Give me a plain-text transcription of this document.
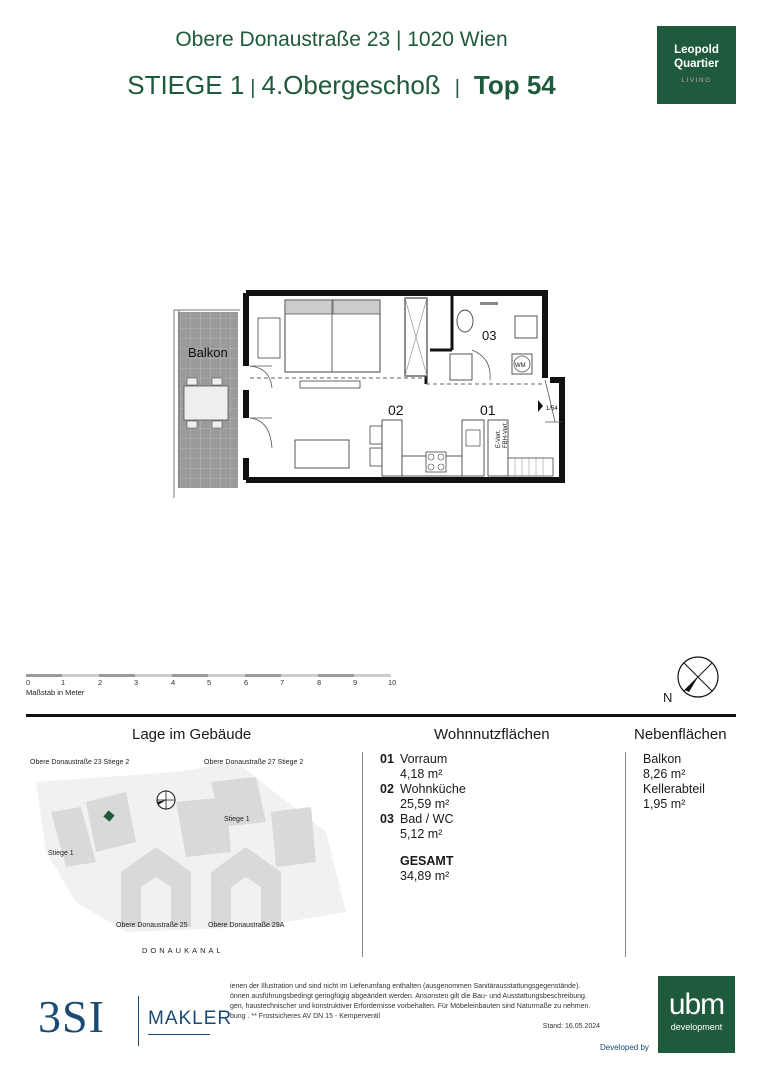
Obere Donaustraße 23 | 1020 Wien
STIEGE 1 | 4.Obergeschoß | Top 54
Leopold
Quartier
LIVING
Balkon
WM
03
02	01	1/54
E-Vert. FBH-Vert.
0	1	2	3	4	5	6	7	8	9	10
Maßstab in Meter	N
Lage im Gebäude	Wohnnutzflächen	Nebenflächen
Obere Donaustraße 23 Stiege 2	Obere Donaustraße 27 Stiege 2
Stiege 1
Stiege 1
Obere Donaustraße 25	Obere Donaustraße 29A
DONAUKANAL
01 Vorraum
4,18 m²
02 Wohnküche
25,59 m²
03 Bad / WC
5,12 m²
GESAMT
34,89 m²
Balkon
8,26 m²
Kellerabteil
1,95 m²
3SI MAKLER
ienen der Illustration und sind nicht im Lieferumfang enthalten (ausgenommen Sanitärausstattungsgegenstände).
önnen ausführungsbedingt geringfügig abgeändert werden. Ansonsten gilt die Bau- und Ausstattungsbeschreibung.
gen, haustechnischer und konstruktiver Erfordernisse vorbehalten. Für Möbeleinbauten sind Naturmaße zu nehmen.
bung . ** Frostsicheres AV DN 15 - Kemperventil
Stand: 16.05.2024
Developed by
ubm
development
